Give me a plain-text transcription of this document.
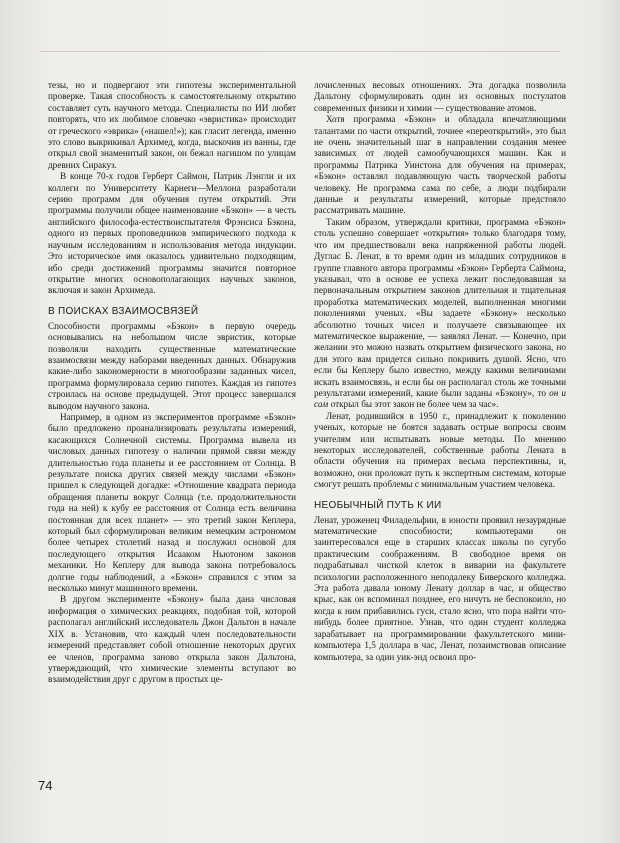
тезы, но и подвергают эти гипотезы экспериментальной проверке. Такая способность к самостоятельному открытию составляет суть научного метода. Специалисты по ИИ любят повторять, что их любимое словечко «эвристика» происходит от греческого «эврика» («нашел!»); как гласит легенда, именно это слово выкрикивал Архимед, когда, выскочив из ванны, где открыл свой знаменитый закон, он бежал нагишом по улицам древних Сиракуз.

В конце 70-х годов Герберт Саймон, Патрик Лэнгли и их коллеги по Университету Карнеги—Меллона разработали серию программ для обучения путем открытий. Эти программы получили общее наименование «Бэкон» — в честь английского философа-естествоиспытателя Фрэнсиса Бэкона, одного из первых проповедников эмпирического подхода к научным исследованиям и использования метода индукции. Это историческое имя оказалось удивительно подходящим, ибо среди достижений программы значится повторное открытие многих основополагающих научных законов, включая и закон Архимеда.

В ПОИСКАХ ВЗАИМОСВЯЗЕЙ

Способности программы «Бэкон» в первую очередь основывались на небольшом числе эвристик, которые позволяли находить существенные математические взаимосвязи между наборами введенных данных. Обнаружив какие-либо закономерности в многообразии заданных чисел, программа формулировала серию гипотез. Каждая из гипотез строилась на основе предыдущей. Этот процесс завершался выводом научного закона.

Например, в одном из экспериментов программе «Бэкон» было предложено проанализировать результаты измерений, касающихся Солнечной системы. Программа вывела из числовых данных гипотезу о наличии прямой связи между длительностью года планеты и ее расстоянием от Солнца. В результате поиска других связей между числами «Бэкон» пришел к следующей догадке: «Отношение квадрата периода обращения планеты вокруг Солнца (т.е. продолжительности года на ней) к кубу ее расстояния от Солнца есть величина постоянная для всех планет» — это третий закон Кеплера, который был сформулирован великим немецким астрономом более четырех столетий назад и послужил основой для последующего открытия Исааком Ньютоном законов механики. Но Кеплеру для вывода закона потребовалось долгие годы наблюдений, а «Бэкон» справился с этим за несколько минут машинного времени.

В другом эксперименте «Бэкону» была дана числовая информация о химических реакциях, подобная той, которой располагал английский исследователь Джон Дальтон в начале XIX в. Установив, что каждый член последовательности измерений представляет собой отношение некоторых других ее членов, программа заново открыла закон Дальтона, утверждающий, что химические элементы вступают во взаимодействия друг с другом в простых це-

лочисленных весовых отношениях. Эта догадка позволила Дальтону сформулировать один из основных постулатов современных физики и химии — существование атомов.

Хотя программа «Бэкон» и обладала впечатляющими талантами по части открытий, точнее «переоткрытий», это был не очень значительный шаг в направлении создания менее зависимых от людей самообучающихся машин. Как и программы Патрика Уинстона для обучения на примерах, «Бэкон» оставлял подавляющую часть творческой работы человеку. Не программа сама по себе, а люди подбирали данные и результаты измерений, которые предстояло рассматривать машине.

Таким образом, утверждали критики, программа «Бэкон» столь успешно совершает «открытия» только благодаря тому, что им предшествовали века напряженной работы людей. Дуглас Б. Ленат, в то время один из младших сотрудников в группе главного автора программы «Бэкон» Герберта Саймона, указывал, что в основе ее успеха лежит последовавшая за первоначальным открытием законов длительная и тщательная проработка математических моделей, выполненная многими поколениями ученых. «Вы задаете «Бэкону» несколько абсолютно точных чисел и получаете связывающее их математическое выражение, — заявлял Ленат. — Конечно, при желании это можно назвать открытием физического закона, но для этого вам придется сильно покривить душой. Ясно, что если бы Кеплеру было известно, между какими величинами искать взаимосвязь, и если бы он располагал столь же точными результатами измерений, какие были заданы «Бэкону», то он и сам открыл бы этот закон не более чем за час».

Ленат, родившийся в 1950 г., принадлежит к поколению ученых, которые не боятся задавать острые вопросы своим учителям или испытывать новые методы. По мнению некоторых исследователей, собственные работы Лената в области обучения на примерах весьма перспективны, и, возможно, они проложат путь к экспертным системам, которые смогут решать проблемы с минимальным участием человека.

НЕОБЫЧНЫЙ ПУТЬ К ИИ

Ленат, уроженец Филадельфии, в юности проявил незаурядные математические способности; компьютерами он заинтересовался еще в старших классах школы по сугубо практическим соображениям. В свободное время он подрабатывал чисткой клеток в виварии на факультете психологии расположенного неподалеку Биверского колледжа. Эта работа давала юному Ленату доллар в час, и общество крыс, как он вспоминал позднее, его ничуть не беспокоило, но когда к ним прибавились гуси, стало ясно, что пора найти что-нибудь более приятное. Узнав, что один студент колледжа зарабатывает на программировании факультетского мини-компьютера 1,5 доллара в час, Ленат, позаимствовав описание компьютера, за один уик-энд освоил про-

74
